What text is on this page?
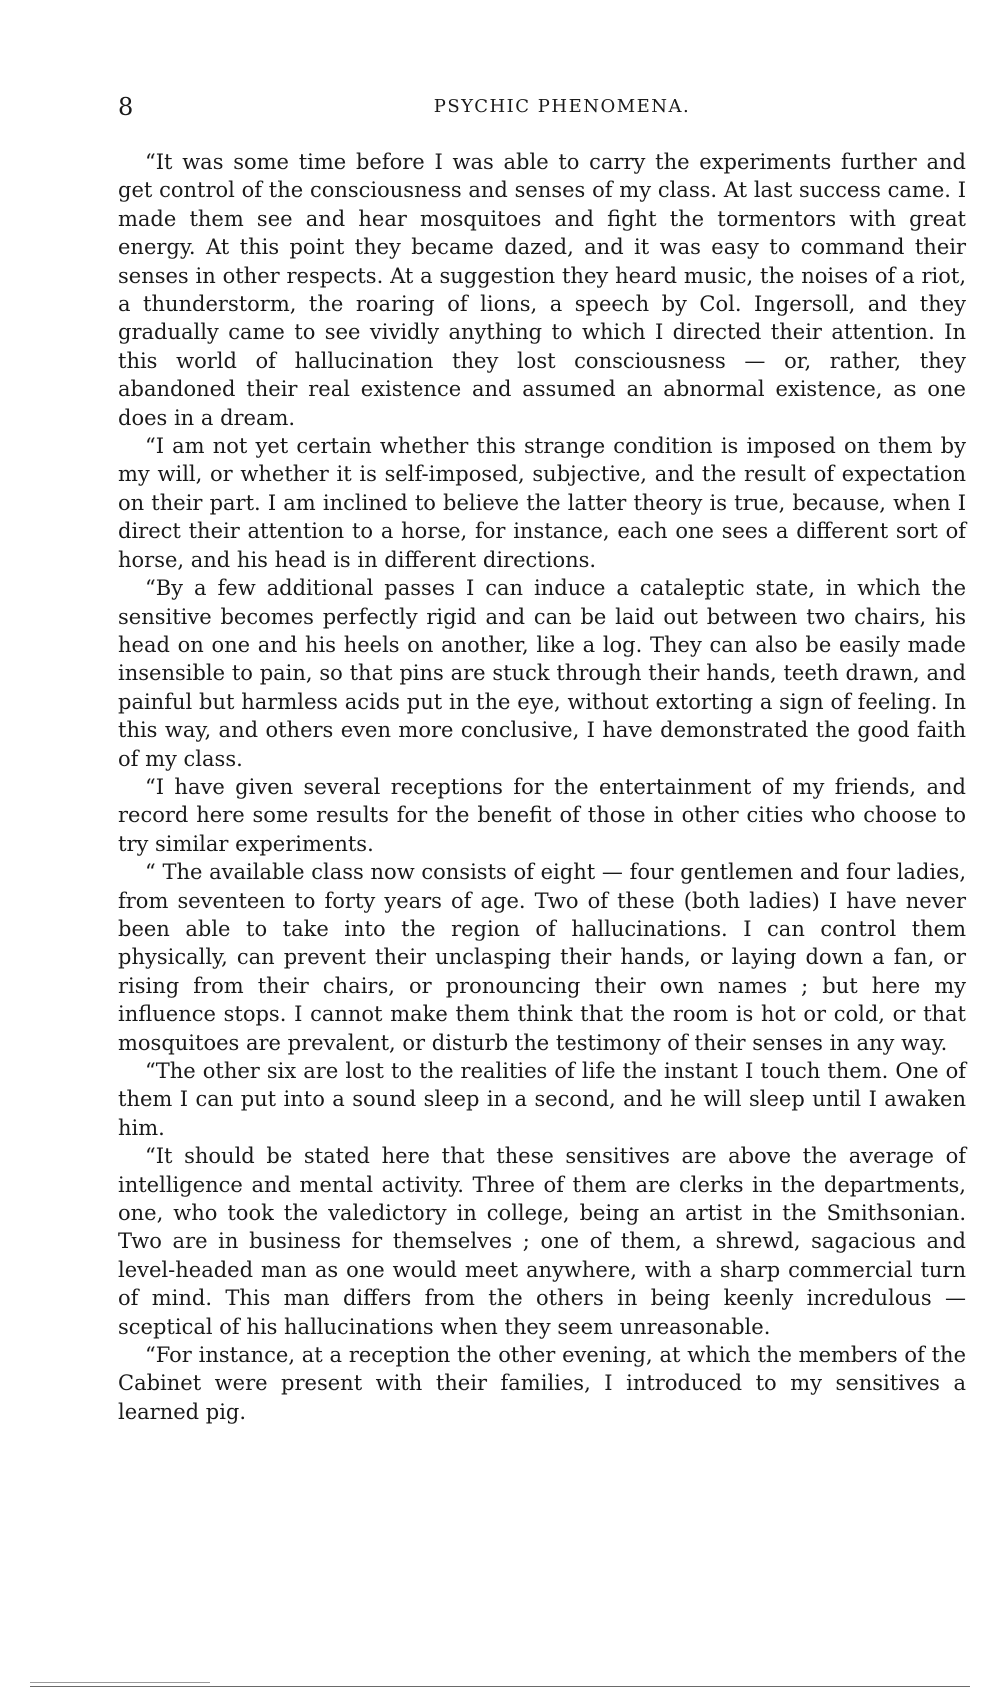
8	PSYCHIC PHENOMENA.

“It was some time before I was able to carry the experiments further and get control of the consciousness and senses of my class. At last success came. I made them see and hear mosquitoes and fight the tormentors with great energy. At this point they became dazed, and it was easy to command their senses in other respects. At a suggestion they heard music, the noises of a riot, a thunderstorm, the roaring of lions, a speech by Col. Ingersoll, and they gradually came to see vividly anything to which I directed their attention. In this world of hallucination they lost consciousness — or, rather, they abandoned their real existence and assumed an abnormal existence, as one does in a dream.

“I am not yet certain whether this strange condition is imposed on them by my will, or whether it is self-imposed, subjective, and the result of expectation on their part. I am inclined to believe the latter theory is true, because, when I direct their attention to a horse, for instance, each one sees a different sort of horse, and his head is in different directions.

“By a few additional passes I can induce a cataleptic state, in which the sensitive becomes perfectly rigid and can be laid out between two chairs, his head on one and his heels on another, like a log. They can also be easily made insensible to pain, so that pins are stuck through their hands, teeth drawn, and painful but harmless acids put in the eye, without extorting a sign of feeling. In this way, and others even more conclusive, I have demonstrated the good faith of my class.

“I have given several receptions for the entertainment of my friends, and record here some results for the benefit of those in other cities who choose to try similar experiments.

“ The available class now consists of eight — four gentlemen and four ladies, from seventeen to forty years of age. Two of these (both ladies) I have never been able to take into the region of hallucinations. I can control them physically, can prevent their unclasping their hands, or laying down a fan, or rising from their chairs, or pronouncing their own names ; but here my influence stops. I cannot make them think that the room is hot or cold, or that mosquitoes are prevalent, or disturb the testimony of their senses in any way.

“The other six are lost to the realities of life the instant I touch them. One of them I can put into a sound sleep in a second, and he will sleep until I awaken him.

“It should be stated here that these sensitives are above the average of intelligence and mental activity. Three of them are clerks in the departments, one, who took the valedictory in college, being an artist in the Smithsonian. Two are in business for themselves ; one of them, a shrewd, sagacious and level-headed man as one would meet anywhere, with a sharp commercial turn of mind. This man differs from the others in being keenly incredulous — sceptical of his hallucinations when they seem unreasonable.

“For instance, at a reception the other evening, at which the members of the Cabinet were present with their families, I introduced to my sensitives a learned pig.
